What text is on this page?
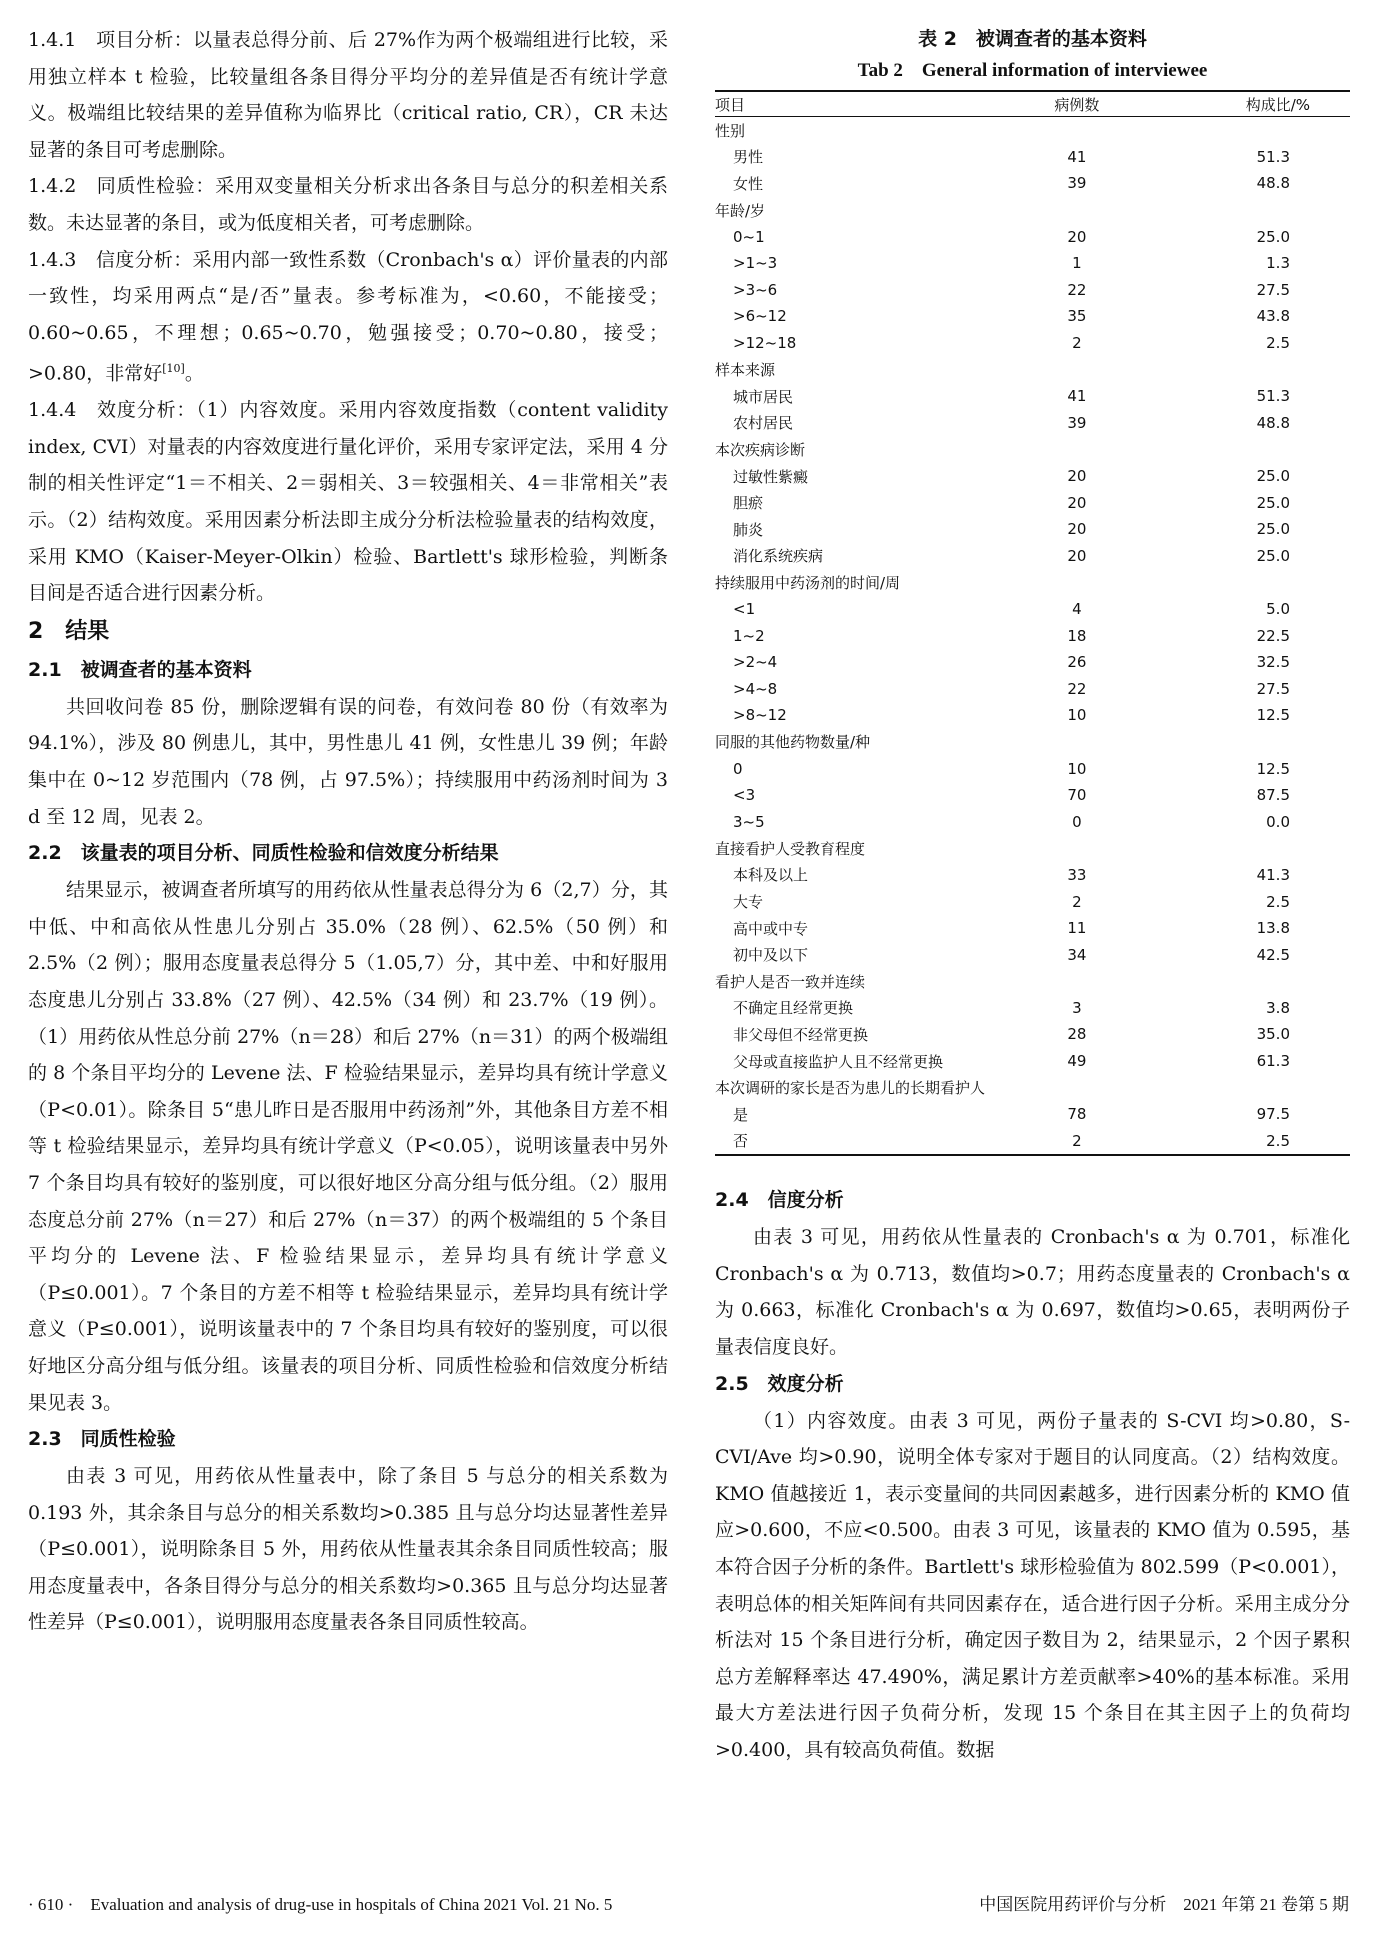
1.4.1　项目分析：以量表总得分前、后 27%作为两个极端组进行比较，采用独立样本 t 检验，比较量组各条目得分平均分的差异值是否有统计学意义。极端组比较结果的差异值称为临界比（critical ratio, CR），CR 未达显著的条目可考虑删除。

1.4.2　同质性检验：采用双变量相关分析求出各条目与总分的积差相关系数。未达显著的条目，或为低度相关者，可考虑删除。

1.4.3　信度分析：采用内部一致性系数（Cronbach's α）评价量表的内部一致性，均采用两点“是/否”量表。参考标准为，<0.60，不能接受；0.60~0.65，不理想；0.65~0.70，勉强接受；0.70~0.80，接受；>0.80，非常好[10]。

1.4.4　效度分析：（1）内容效度。采用内容效度指数（content validity index, CVI）对量表的内容效度进行量化评价，采用专家评定法，采用 4 分制的相关性评定“1＝不相关、2＝弱相关、3＝较强相关、4＝非常相关”表示。（2）结构效度。采用因素分析法即主成分分析法检验量表的结构效度，采用 KMO（Kaiser-Meyer-Olkin）检验、Bartlett's 球形检验，判断条目间是否适合进行因素分析。

2　结果
2.1　被调查者的基本资料

共回收问卷 85 份，删除逻辑有误的问卷，有效问卷 80 份（有效率为 94.1%），涉及 80 例患儿，其中，男性患儿 41 例，女性患儿 39 例；年龄集中在 0~12 岁范围内（78 例，占 97.5%）；持续服用中药汤剂时间为 3 d 至 12 周，见表 2。

2.2　该量表的项目分析、同质性检验和信效度分析结果

结果显示，被调查者所填写的用药依从性量表总得分为 6（2,7）分，其中低、中和高依从性患儿分别占 35.0%（28 例）、62.5%（50 例）和 2.5%（2 例）；服用态度量表总得分 5（1.05,7）分，其中差、中和好服用态度患儿分别占 33.8%（27 例）、42.5%（34 例）和 23.7%（19 例）。（1）用药依从性总分前 27%（n＝28）和后 27%（n＝31）的两个极端组的 8 个条目平均分的 Levene 法、F 检验结果显示，差异均具有统计学意义（P<0.01）。除条目 5“患儿昨日是否服用中药汤剂”外，其他条目方差不相等 t 检验结果显示，差异均具有统计学意义（P<0.05），说明该量表中另外 7 个条目均具有较好的鉴别度，可以很好地区分高分组与低分组。（2）服用态度总分前 27%（n＝27）和后 27%（n＝37）的两个极端组的 5 个条目平均分的 Levene 法、F 检验结果显示，差异均具有统计学意义（P≤0.001）。7 个条目的方差不相等 t 检验结果显示，差异均具有统计学意义（P≤0.001），说明该量表中的 7 个条目均具有较好的鉴别度，可以很好地区分高分组与低分组。该量表的项目分析、同质性检验和信效度分析结果见表 3。

2.3　同质性检验

由表 3 可见，用药依从性量表中，除了条目 5 与总分的相关系数为 0.193 外，其余条目与总分的相关系数均>0.385 且与总分均达显著性差异（P≤0.001），说明除条目 5 外，用药依从性量表其余条目同质性较高；服用态度量表中，各条目得分与总分的相关系数均>0.365 且与总分均达显著性差异（P≤0.001），说明服用态度量表各条目同质性较高。

表 2　被调查者的基本资料

Tab 2　General information of interviewee

项目	病例数	构成比/%
性别		
男性	41	51.3
女性	39	48.8
年龄/岁		
0~1	20	25.0
>1~3	1	1.3
>3~6	22	27.5
>6~12	35	43.8
>12~18	2	2.5
样本来源		
城市居民	41	51.3
农村居民	39	48.8
本次疾病诊断		
过敏性紫癜	20	25.0
胆瘀	20	25.0
肺炎	20	25.0
消化系统疾病	20	25.0
持续服用中药汤剂的时间/周		
<1	4	5.0
1~2	18	22.5
>2~4	26	32.5
>4~8	22	27.5
>8~12	10	12.5
同服的其他药物数量/种		
0	10	12.5
<3	70	87.5
3~5	0	0.0
直接看护人受教育程度		
本科及以上	33	41.3
大专	2	2.5
高中或中专	11	13.8
初中及以下	34	42.5
看护人是否一致并连续		
不确定且经常更换	3	3.8
非父母但不经常更换	28	35.0
父母或直接监护人且不经常更换	49	61.3
本次调研的家长是否为患儿的长期看护人		
是	78	97.5
否	2	2.5
2.4　信度分析

由表 3 可见，用药依从性量表的 Cronbach's α 为 0.701，标准化 Cronbach's α 为 0.713，数值均>0.7；用药态度量表的 Cronbach's α 为 0.663，标准化 Cronbach's α 为 0.697，数值均>0.65，表明两份子量表信度良好。

2.5　效度分析

（1）内容效度。由表 3 可见，两份子量表的 S-CVI 均>0.80，S-CVI/Ave 均>0.90，说明全体专家对于题目的认同度高。（2）结构效度。KMO 值越接近 1，表示变量间的共同因素越多，进行因素分析的 KMO 值应>0.600，不应<0.500。由表 3 可见，该量表的 KMO 值为 0.595，基本符合因子分析的条件。Bartlett's 球形检验值为 802.599（P<0.001），表明总体的相关矩阵间有共同因素存在，适合进行因子分析。采用主成分分析法对 15 个条目进行分析，确定因子数目为 2，结果显示，2 个因子累积总方差解释率达 47.490%，满足累计方差贡献率>40%的基本标准。采用最大方差法进行因子负荷分析，发现 15 个条目在其主因子上的负荷均>0.400，具有较高负荷值。数据

· 610 ·　Evaluation and analysis of drug-use in hospitals of China 2021 Vol. 21 No. 5	中国医院用药评价与分析　2021 年第 21 卷第 5 期
